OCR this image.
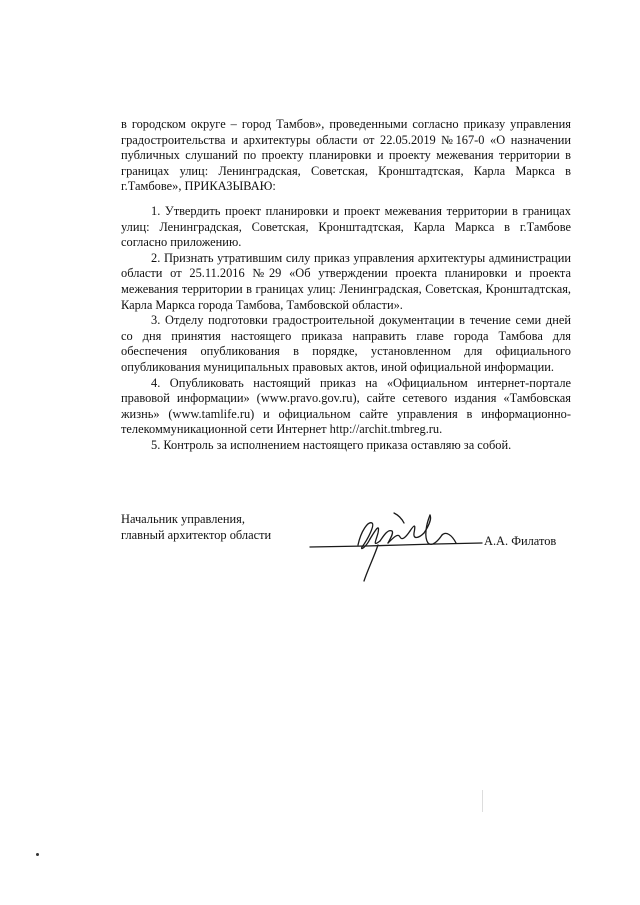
в городском округе – город Тамбов», проведенными согласно приказу управления градостроительства и архитектуры области от 22.05.2019 №167-0 «О назначении публичных слушаний по проекту планировки и проекту межевания территории в границах улиц: Ленинградская, Советская, Кронштадтская, Карла Маркса в г.Тамбове», ПРИКАЗЫВАЮ:

1. Утвердить проект планировки и проект межевания территории в границах улиц: Ленинградская, Советская, Кронштадтская, Карла Маркса в г.Тамбове согласно приложению.

2. Признать утратившим силу приказ управления архитектуры администрации области от 25.11.2016 №29 «Об утверждении проекта планировки и проекта межевания территории в границах улиц: Ленинградская, Советская, Кронштадтская, Карла Маркса города Тамбова, Тамбовской области».

3. Отделу подготовки градостроительной документации в течение семи дней со дня принятия настоящего приказа направить главе города Тамбова для обеспечения опубликования в порядке, установленном для официального опубликования муниципальных правовых актов, иной официальной информации.

4. Опубликовать настоящий приказ на «Официальном интернет-портале правовой информации» (www.pravo.gov.ru), сайте сетевого издания «Тамбовская жизнь» (www.tamlife.ru) и официальном сайте управления в информационно-телекоммуникационной сети Интернет http://archit.tmbreg.ru.

5. Контроль за исполнением настоящего приказа оставляю за собой.

Начальник управления,
главный архитектор области	А.А. Филатов
